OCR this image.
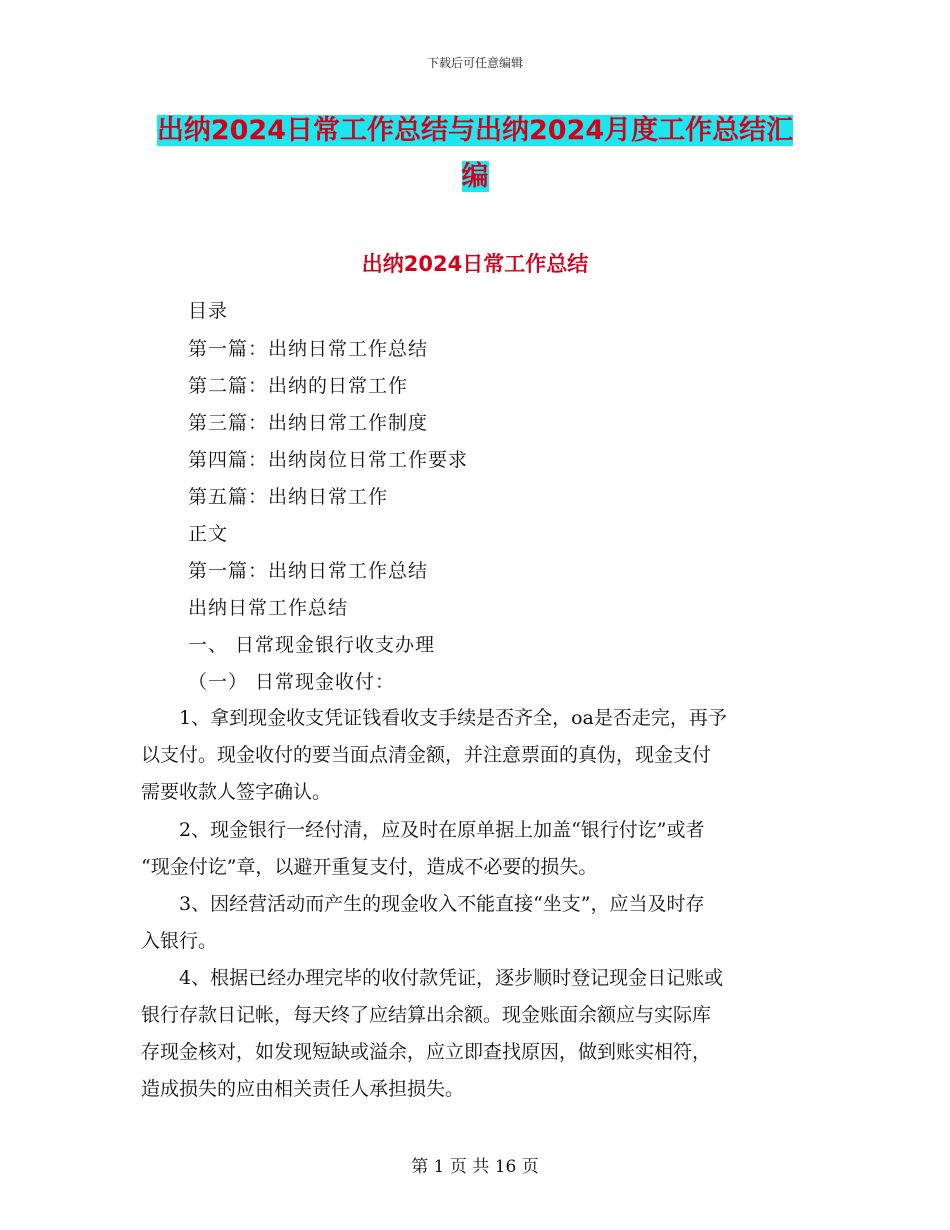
下载后可任意编辑
出纳2024日常工作总结与出纳2024月度工作总结汇
编
出纳2024日常工作总结
目录
第一篇：出纳日常工作总结
第二篇：出纳的日常工作
第三篇：出纳日常工作制度
第四篇：出纳岗位日常工作要求
第五篇：出纳日常工作
正文
第一篇：出纳日常工作总结
出纳日常工作总结
一、 日常现金银行收支办理
（一） 日常现金收付：
　　1、拿到现金收支凭证钱看收支手续是否齐全，oa是否走完，再予
以支付。现金收付的要当面点清金额，并注意票面的真伪，现金支付
需要收款人签字确认。
　　2、现金银行一经付清，应及时在原单据上加盖“银行付讫”或者
“现金付讫”章，以避开重复支付，造成不必要的损失。
　　3、因经营活动而产生的现金收入不能直接“坐支”，应当及时存
入银行。
　　4、根据已经办理完毕的收付款凭证，逐步顺时登记现金日记账或
银行存款日记帐，每天终了应结算出余额。现金账面余额应与实际库
存现金核对，如发现短缺或溢余，应立即查找原因，做到账实相符，
造成损失的应由相关责任人承担损失。
第 1 页 共 16 页
